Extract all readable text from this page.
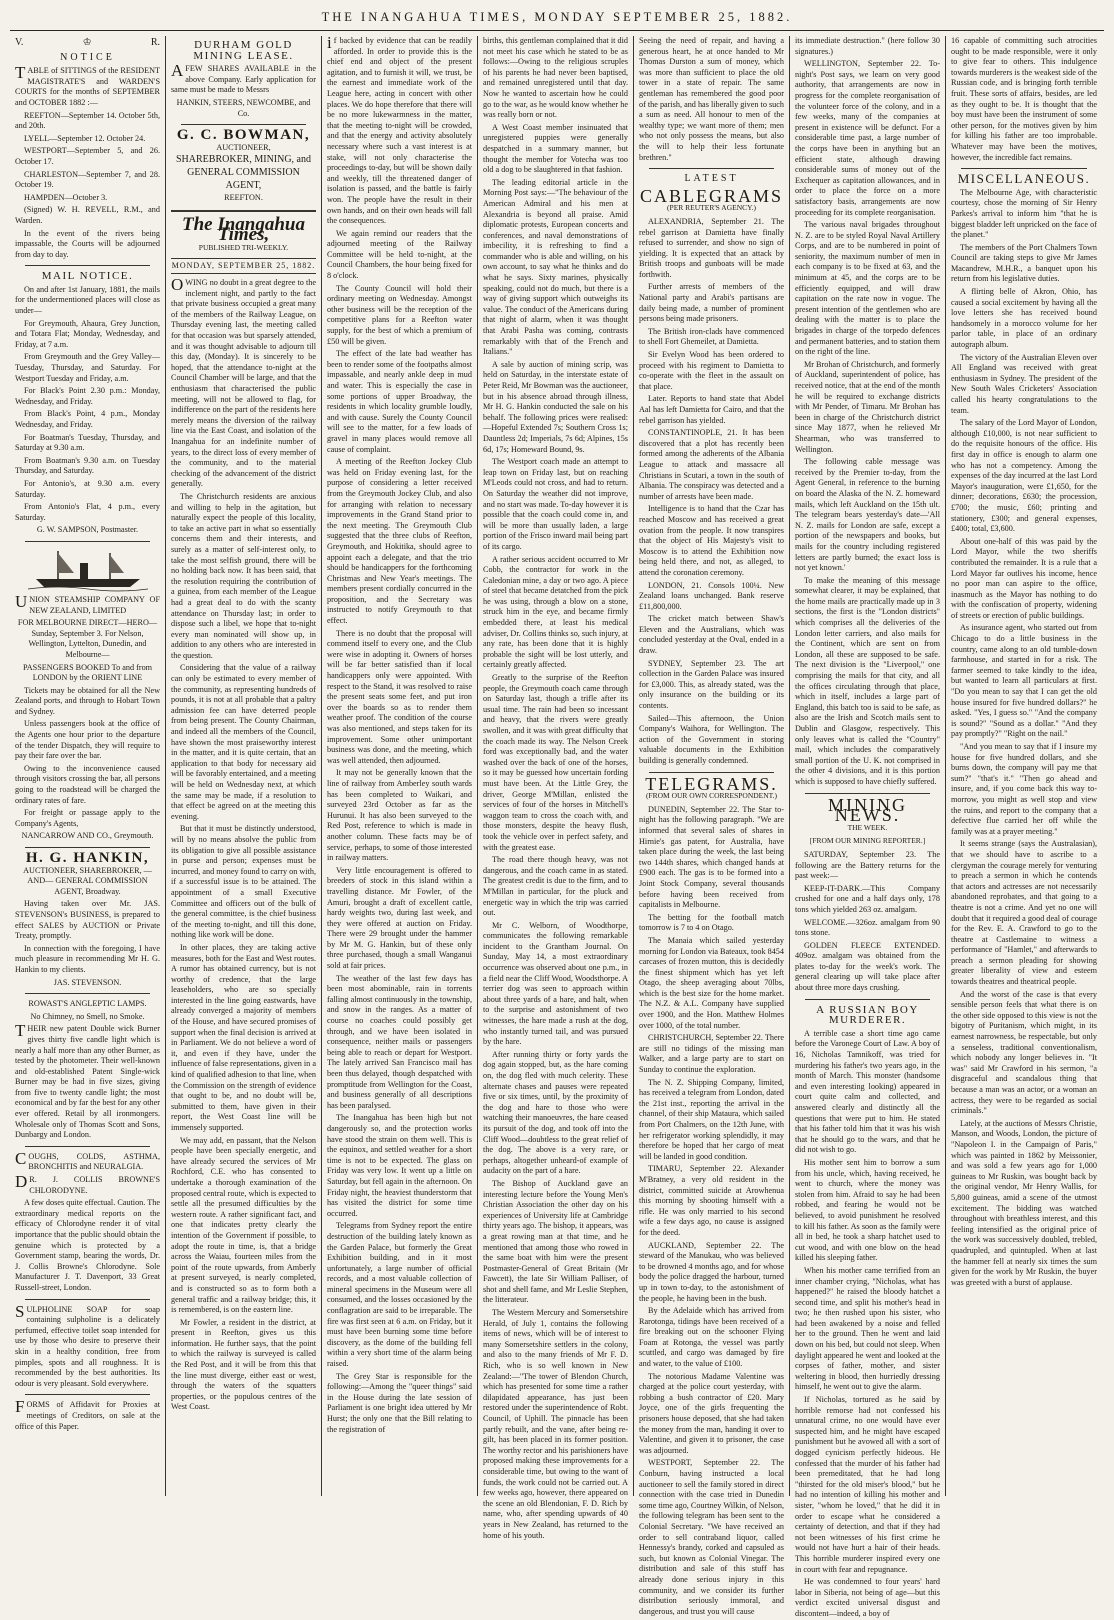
THE INANGAHUA TIMES, MONDAY SEPTEMBER 25, 1882.
V.	♔	R.
NOTICE

TABLE of SITTINGS of the RESIDENT MAGISTRATE'S and WARDEN'S COURTS for the months of SEPTEMBER and OCTOBER 1882 :—

REEFTON—September 14. October 5th, and 20th.

LYELL—September 12. October 24.

WESTPORT—September 5, and 26. October 17.

CHARLESTON—September 7, and 28. October 19.

HAMPDEN—October 3.

(Signed) W. H. REVELL, R.M., and Warden.

In the event of the rivers being impassable, the Courts will be adjourned from day to day.

MAIL NOTICE.

On and after 1st January, 1881, the mails for the undermentioned places will close as under—

For Greymouth, Ahaura, Grey Junction, and Totara Flat; Monday, Wednesday, and Friday, at 7 a.m.

From Greymouth and the Grey Valley—Tuesday, Thursday, and Saturday. For Westport Tuesday and Friday, a.m.

For Black's Point 2.30 p.m.: Monday, Wednesday, and Friday.

From Black's Point, 4 p.m., Monday Wednesday, and Friday.

For Boatman's Tuesday, Thursday, and Saturday at 9.30 a.m.

From Boatman's 9.30 a.m. on Tuesday Thursday, and Saturday.

For Antonio's, at 9.30 a.m. every Saturday.

From Antonio's Flat, 4 p.m., every Saturday.

G. W. SAMPSON, Postmaster.

UNION STEAMSHIP COMPANY OF NEW ZEALAND, LIMITED

FOR MELBOURNE DIRECT—HERO—Sunday, September 3. For Nelson, Wellington, Lyttelton, Dunedin, and Melbourne—

PASSENGERS BOOKED To and from LONDON by the ORIENT LINE

Tickets may be obtained for all the New Zealand ports, and through to Hobart Town and Sydney.

Unless passengers book at the office of the Agents one hour prior to the departure of the tender Dispatch, they will require to pay their fare over the bar.

Owing to the inconvenience caused through visitors crossing the bar, all persons going to the roadstead will be charged the ordinary rates of fare.

For freight or passage apply to the Company's Agents,

NANCARROW AND CO., Greymouth.

H. G. HANKIN,

AUCTIONEER, SHAREBROKER, —AND— GENERAL COMMISSION AGENT, Broadway.

Having taken over Mr. JAS. STEVENSON's BUSINESS, is prepared to effect SALES by AUCTION or Private Treaty, promptly.

In connection with the foregoing, I have much pleasure in recommending Mr H. G. Hankin to my clients.

JAS. STEVENSON.

ROWAST'S ANGLEPTIC LAMPS.

No Chimney, no Smell, no Smoke.

THEIR new patent Double wick Burner gives thirty five candle light which is nearly a half more than any other Burner, as tested by the photometer. Their well-known and old-established Patent Single-wick Burner may be had in five sizes, giving from five to twenty candle light; the most economical and by far the best for any other ever offered. Retail by all ironmongers. Wholesale only of Thomas Scott and Sons, Dunbargy and London.

COUGHS, COLDS, ASTHMA, BRONCHITIS and NEURALGIA.

DR. J. COLLIS BROWNE'S CHLORODYNE.

A few doses quite effectual. Caution. The extraordinary medical reports on the efficacy of Chlorodyne render it of vital importance that the public should obtain the genuine which is protected by a Government stamp, bearing the words, Dr. J. Collis Browne's Chlorodyne. Sole Manufacturer J. T. Davenport, 33 Great Russell-street, London.

SULPHOLINE SOAP for soap containing sulpholine is a delicately perfumed, effective toilet soap intended for use by those who desire to preserve their skin in a healthy condition, free from pimples, spots and all roughness. It is recommended by the best authorities. Its odour is very pleasant. Sold everywhere.

FORMS of Affidavit for Proxies at meetings of Creditors, on sale at the office of this Paper.

DURHAM GOLD MINING LEASE.

AFEW SHARES AVAILABLE in the above Company. Early application for same must be made to Messrs

HANKIN, STEERS, NEWCOMBE, and Co.

G. C. BOWMAN,

AUCTIONEER,

SHAREBROKER, MINING, and

GENERAL COMMISSION

AGENT,

REEFTON.

The Inangahua Times,
PUBLISHED TRI-WEEKLY.
MONDAY, SEPTEMBER 25, 1882.

OWING no doubt in a great degree to the inclement night, and partly to the fact that private business occupied a great many of the members of the Railway League, on Thursday evening last, the meeting called for that occasion was but sparsely attended, and it was thought advisable to adjourn till this day, (Monday). It is sincerely to be hoped, that the attendance to-night at the Council Chamber will be large, and that the enthusiasm that characterised the public meeting, will not be allowed to flag, for indifference on the part of the residents here merely means the diversion of the railway line via the East Coast, and isolation of the Inangahua for an indefinite number of years, to the direct loss of every member of the community, and to the material checking of the advancement of the district generally.

The Christchurch residents are anxious and willing to help in the agitation, but naturally expect the people of this locality, to take an active part in what so essentially concerns them and their interests, and surely as a matter of self-interest only, to take the most selfish ground, there will be no holding back now. It has been said, that the resolution requiring the contribution of a guinea, from each member of the League had a great deal to do with the scanty attendance on Thursday last; in order to dispose such a libel, we hope that to-night every man nominated will show up, in addition to any others who are interested in the question.

Considering that the value of a railway can only be estimated to every member of the community, as representing hundreds of pounds, it is not at all probable that a paltry admission fee can have deterred people from being present. The County Chairman, and indeed all the members of the Council, have shown the most praiseworthy interest in the matter, and it is quite certain, that an application to that body for necessary aid will be favorably entertained, and a meeting will be held on Wednesday next, at which the same may be made, if a resolution to that effect be agreed on at the meeting this evening.

But that it must be distinctly understood, will by no means absolve the public from its obligation to give all possible assistance in purse and person; expenses must be incurred, and money found to carry on with, if a successful issue is to be attained. The appointment of a small Executive Committee and officers out of the bulk of the general committee, is the chief business of the meeting to-night, and till this done, nothing like work will be done.

In other places, they are taking active measures, both for the East and West routes. A rumor has obtained currency, but is not worthy of credence, that the large leaseholders, who are so specially interested in the line going eastwards, have already converged a majority of members of the House, and have secured promises of support when the final decision is arrived at in Parliament. We do not believe a word of it, and even if they have, under the influence of false representations, given in a kind of qualified adhesion to that line, when the Commission on the strength of evidence that ought to be, and no doubt will be, submitted to them, have given in their report, the West Coast line will be immensely supported.

We may add, en passant, that the Nelson people have been specially energetic, and have already secured the services of Mr Rochford, C.E. who has consented to undertake a thorough examination of the proposed central route, which is expected to settle all the presumed difficulties by the western route. A rather significant fact, and one that indicates pretty clearly the intention of the Government if possible, to adopt the route in time, is, that a bridge across the Waiau, fourteen miles from the point of the route upwards, from Amberly at present surveyed, is nearly completed, and is constructed so as to form both a general traffic and a railway bridge; this, it is remembered, is on the eastern line.

Mr Fowler, a resident in the district, at present in Reefton, gives us this information. He further says, that the point to which the railway is surveyed is called the Red Post, and it will be from this that the line must diverge, either east or west, through the waters of the squatters properties, or the populous centres of the West Coast.

if backed by evidence that can be readily afforded. In order to provide this is the chief end and object of the present agitation, and to furnish it will, we trust, be the earnest and immediate work of the League here, acting in concert with other places. We do hope therefore that there will be no more lukewarmness in the matter, that the meeting to-night will be crowded, and that the energy and activity absolutely necessary where such a vast interest is at stake, will not only characterise the proceedings to-day, but will be shown daily and weekly, till the threatened danger of isolation is passed, and the battle is fairly won. The people have the result in their own hands, and on their own heads will fall the consequences.

We again remind our readers that the adjourned meeting of the Railway Committee will be held to-night, at the Council Chambers, the hour being fixed for 8 o'clock.

The County Council will hold their ordinary meeting on Wednesday. Amongst other business will be the reception of the competitive plans for a Reefton water supply, for the best of which a premium of £50 will be given.

The effect of the late bad weather has been to render some of the footpaths almost impassable, and nearly ankle deep in mud and water. This is especially the case in some portions of upper Broadway, the residents in which locality grumble loudly, and with cause. Surely the County Council will see to the matter, for a few loads of gravel in many places would remove all cause of complaint.

A meeting of the Reefton Jockey Club was held on Friday evening last, for the purpose of considering a letter received from the Greymouth Jockey Club, and also for arranging with relation to necessary improvements in the Grand Stand prior to the next meeting. The Greymouth Club suggested that the three clubs of Reefton, Greymouth, and Hokitika, should agree to appoint each a delegate, and that the trio should be handicappers for the forthcoming Christmas and New Year's meetings. The members present cordially concurred in the proposition, and the Secretary was instructed to notify Greymouth to that effect.

There is no doubt that the proposal will commend itself to every one, and the Club were wise in adopting it. Owners of horses will be far better satisfied than if local handicappers only were appointed. With respect to the Stand, it was resolved to raise the present seats some feet, and put iron over the boards so as to render them weather proof. The condition of the course was also mentioned, and steps taken for its improvement. Some other unimportant business was done, and the meeting, which was well attended, then adjourned.

It may not be generally known that the line of railway from Amberley south wards has been completed to Waikari, and surveyed 23rd October as far as the Hurunui. It has also been surveyed to the Red Post, reference to which is made in another column. These facts may be of service, perhaps, to some of those interested in railway matters.

Very little encouragement is offered to breeders of stock in this island within a travelling distance. Mr Fowler, of the Amuri, brought a draft of excellent cattle, hardy weights two, during last week, and they were offered at auction on Friday. There were 29 brought under the hammer by Mr M. G. Hankin, but of these only three purchased, though a small Wanganui sold at fair prices.

The weather of the last few days has been most abominable, rain in torrents falling almost continuously in the township, and snow in the ranges. As a matter of course no coaches could possibly get through, and we have been isolated in consequence, neither mails or passengers being able to reach or depart for Westport. The lately arrived San Francisco mail has been thus delayed, though despatched with promptitude from Wellington for the Coast, and business generally of all descriptions has been paralysed.

The Inangahua has been high but not dangerously so, and the protection works have stood the strain on them well. This is the equinox, and settled weather for a short time is not to be expected. The glass on Friday was very low. It went up a little on Saturday, but fell again in the afternoon. On Friday night, the heaviest thunderstorm that has visited the district for some time occurred.

Telegrams from Sydney report the entire destruction of the building lately known as the Garden Palace, but formerly the Great Exhibition building, and in it most unfortunately, a large number of official records, and a most valuable collection of mineral specimens in the Museum were all consumed, and the losses occasioned by the conflagration are said to be irreparable. The fire was first seen at 6 a.m. on Friday, but it must have been burning some time before discovery, as the dome of the building fell within a very short time of the alarm being raised.

The Grey Star is responsible for the following:—Among the "queer things" said in the House during the late session of Parliament is one bright idea uttered by Mr Hurst; the only one that the Bill relating to the registration of

births, this gentleman complained that it did not meet his case which he stated to be as follows:—Owing to the religious scruples of his parents he had never been baptised, and remained unregistered until that day. Now he wanted to ascertain how he could go to the war, as he would know whether he was really born or not.

A West Coast member insinuated that unregistered puppies were generally despatched in a summary manner, but thought the member for Votecha was too old a dog to be slaughtered in that fashion.

The leading editorial article in the Morning Post says:—"The behaviour of the American Admiral and his men at Alexandria is beyond all praise. Amid diplomatic protests, European concerts and conferences, and naval demonstrations of imbecility, it is refreshing to find a commander who is able and willing, on his own account, to say what he thinks and do what he says. Sixty marines, physically speaking, could not do much, but there is a way of giving support which outweighs its value. The conduct of the Americans during that night of alarm, when it was thought that Arabi Pasha was coming, contrasts remarkably with that of the French and Italians."

A sale by auction of mining scrip, was held on Saturday, in the interstate estate of Peter Reid, Mr Bowman was the auctioneer, but in his absence abroad through illness, Mr H. G. Hankin conducted the sale on his behalf. The following prices were realised:—Hopeful Extended 7s; Southern Cross 1s; Dauntless 2d; Imperials, 7s 6d; Alpines, 15s 6d, 17s; Homeward Bound, 9s.

The Westport coach made an attempt to leap town on Friday last, but on reaching M'Leods could not cross, and had to return. On Saturday the weather did not improve, and no start was made. To-day however it is possible that the coach could come in, and will be more than usually laden, a large portion of the Frisco inward mail being part of its cargo.

A rather serious accident occurred to Mr Cobb, the contractor for work in the Caledonian mine, a day or two ago. A piece of steel that became detatched from the pick he was using, through a blow on a stone, struck him in the eye, and became firmly embedded there, at least his medical adviser, Dr. Collins thinks so, such injury, at any rate, has been done that it is highly probable the sight will be lost utterly, and certainly greatly affected.

Greatly to the surprise of the Reefton people, the Greymouth coach came through on Saturday last, though a trifle after its usual time. The rain had been so incessant and heavy, that the rivers were greatly swollen, and it was with great difficulty that the coach made its way. The Nelson Creek ford was exceptionally bad, and the water washed over the back of one of the horses, so it may be guessed how uncertain fording must have been. At the Little Grey, the driver, George M'Millan, enlisted the services of four of the horses in Mitchell's waggon team to cross the coach with, and those monsters, despite the heavy flush, took the vehicle over in perfect safety, and with the greatest ease.

The road there though heavy, was not dangerous, and the coach came in as stated. The greatest credit is due to the firm, and to M'Millan in particular, for the pluck and energetic way in which the trip was carried out.

Mr C. Welborn, of Woodthorpe, communicates the following remarkable incident to the Grantham Journal. On Sunday, May 14, a most extraordinary occurrence was observed about one p.m., in a field near the Cliff Wood, Woodsthorpe. A terrier dog was seen to approach within about three yards of a hare, and halt, when to the surprise and astonishment of two witnesses, the hare made a rush at the dog, who instantly turned tail, and was pursued by the hare.

After running thirty or forty yards the dog again stopped, but, as the hare coming on, the dog fled with much celerity. These alternate chases and pauses were repeated five or six times, until, by the proximity of the dog and hare to those who were watching their manoeuvres, the hare ceased its pursuit of the dog, and took off into the Cliff Wood—doubtless to the great relief of the dog. The above is a very rare, or perhaps, altogether unheard-of example of audacity on the part of a hare.

The Bishop of Auckland gave an interesting lecture before the Young Men's Christian Association the other day on his experiences of University life at Cambridge thirty years ago. The bishop, it appears, was a great rowing man at that time, and he mentioned that among those who rowed in the same boat with him were the present Postmaster-General of Great Britain (Mr Fawcett), the late Sir William Palliser, of shot and shell fame, and Mr Leslie Stephen, the litterateur.

The Western Mercury and Somersetshire Herald, of July 1, contains the following items of news, which will be of interest to many Somersetshire settlers in the colony, and also to the many friends of Mr F. D. Rich, who is so well known in New Zealand:—"The tower of Blendon Church, which has presented for some time a rather dilapidated appearance, has just been restored under the superintendence of Robt. Council, of Uphill. The pinnacle has been partly rebuilt, and the vane, after being re-gilt, has been placed in its former position. The worthy rector and his parishioners have proposed making these improvements for a considerable time, but owing to the want of funds, the work could not be carried out. A few weeks ago, however, there appeared on the scene an old Blendonian, F. D. Rich by name, who, after spending upwards of 40 years in New Zealand, has returned to the home of his youth.

Seeing the need of repair, and having a generous heart, he at once handed to Mr Thomas Durston a sum of money, which was more than sufficient to place the old tower in a state of repair. The same gentleman has remembered the good poor of the parish, and has liberally given to such a sum as need. All honour to men of the wealthy type; we want more of them; men who not only possess the means, but also the will to help their less fortunate brethren."

LATEST
CABLEGRAMS
(PER REUTER'S AGENCY.)

ALEXANDRIA, September 21. The rebel garrison at Damietta have finally refused to surrender, and show no sign of yielding. It is expected that an attack by British troops and gunboats will be made forthwith.

Further arrests of members of the National party and Arabi's partisans are daily being made, a number of prominent persons being made prisoners.

The British iron-clads have commenced to shell Fort Ghemeilet, at Damietta.

Sir Evelyn Wood has been ordered to proceed with his regiment to Damietta to co-operate with the fleet in the assault on that place.

Later. Reports to hand state that Abdel Aal has left Damietta for Cairo, and that the rebel garrison has yielded.

CONSTANTINOPLE, 21. It has been discovered that a plot has recently been formed among the adherents of the Albania League to attack and massacre all Christians in Scutari, a town in the south of Albania. The conspiracy was detected and a number of arrests have been made.

Intelligence is to hand that the Czar has reached Moscow and has received a great ovation from the people. It now transpires that the object of His Majesty's visit to Moscow is to attend the Exhibition now being held there, and not, as alleged, to attend the coronation ceremony.

LONDON, 21. Consols 100¼. New Zealand loans unchanged. Bank reserve £11,800,000.

The cricket match between Shaw's Eleven and the Australians, which was concluded yesterday at the Oval, ended in a draw.

SYDNEY, September 23. The art collection in the Garden Palace was insured for £3,000. This, as already stated, was the only insurance on the building or its contents.

Sailed—This afternoon, the Union Company's Waihora, for Wellington. The action of the Government in storing valuable documents in the Exhibition building is generally condemned.

TELEGRAMS.
(FROM OUR OWN CORRESPONDENT.)

DUNEDIN, September 22. The Star to-night has the following paragraph. "We are informed that several sales of shares in Hirnie's gas patent, for Australia, have taken place during the week, the last being two 144th shares, which changed hands at £900 each. The gas is to be formed into a Joint Stock Company, several thousands before having been received from capitalists in Melbourne.

The betting for the football match tomorrow is 7 to 4 on Otago.

The Manaia which sailed yesterday morning for London via Bateaux, took 8454 carcases of frozen mutton, this is decidedly the finest shipment which has yet left Otago, the sheep averaging about 70lbs, which is the best size for the home market. The N.Z. & A.L. Company have supplied over 1900, and the Hon. Matthew Holmes over 1000, of the total number.

CHRISTCHURCH, September 22. There are still no tidings of the missing man Walker, and a large party are to start on Sunday to continue the exploration.

The N. Z. Shipping Company, limited, has received a telegram from London, dated the 21st inst., reporting the arrival in the channel, of their ship Mataura, which sailed from Port Chalmers, on the 12th June, with her refrigerator working splendidly, it may therefore be hoped that her cargo of meat will be landed in good condition.

TIMARU, September 22. Alexander M'Bratney, a very old resident in the district, committed suicide at Arowhenua this morning by shooting himself with a rifle. He was only married to his second wife a few days ago, no cause is assigned for the deed.

AUCKLAND, September 22. The steward of the Manukau, who was believed to be drowned 4 months ago, and for whose body the police dragged the harbour, turned up in town to-day, to the astonishment of the people, he having been in the bush.

By the Adelaide which has arrived from Rarotonga, tidings have been received of a fire breaking out on the schooner Flying Foam at Rotonga, the vessel was partly scuttled, and cargo was damaged by fire and water, to the value of £100.

The notorious Madame Valentine was charged at the police court yesterday, with robbing a bush contractor of £20. Mary Joyce, one of the girls frequenting the prisoners house deposed, that she had taken the money from the man, handing it over to Valentine, and given it to prisoner, the case was adjourned.

WESTPORT, September 22. The Conburn, having instructed a local auctioneer to sell the family stored in direct connection with the case tried in Dunedin some time ago, Courtney Wilkin, of Nelson, the following telegram has been sent to the Colonial Secretary. "We have received an order to sell contraband liquor, called Hennessy's brandy, corked and capsuled as such, but known as Colonial Vinegar. The distribution and sale of this stuff has already done serious injury in this community, and we consider its further distribution seriously immoral, and dangerous, and trust you will cause

its immediate destruction." (here follow 30 signatures.)

WELLINGTON, September 22. To-night's Post says, we learn on very good authority, that arrangements are now in progress for the complete reorganisation of the volunteer force of the colony, and in a few weeks, many of the companies at present in existence will be defunct. For a considerable time past, a large number of the corps have been in anything but an efficient state, although drawing considerable sums of money out of the Exchequer as capitation allowances, and in order to place the force on a more satisfactory basis, arrangements are now proceeding for its complete reorganisation.

The various naval brigades throughout N. Z. are to be styled Royal Naval Artillery Corps, and are to be numbered in point of seniority, the maximum number of men in each company is to be fixed at 63, and the minimum at 45, and the corps are to be efficiently equipped, and will draw capitation on the rate now in vogue. The present intention of the gentlemen who are dealing with the matter is to place the brigades in charge of the torpedo defences and permanent batteries, and to station them on the right of the line.

Mr Brohan of Christchurch, and formerly of Auckland, superintendent of police, has received notice, that at the end of the month he will be required to exchange districts with Mr Pender, of Timaru. Mr Brohan has been in charge of the Christchurch district since May 1877, when he relieved Mr Shearman, who was transferred to Wellington.

The following cable message was received by the Premier to-day, from the Agent General, in reference to the burning on board the Alaska of the N. Z. homeward mails, which left Auckland on the 15th ult. The telegram bears yesterday's date—'All N. Z. mails for London are safe, except a portion of the newspapers and books, but mails for the country including registered letters are partly burned; the exact loss is not yet known.'

To make the meaning of this message somewhat clearer, it may be explained, that the home mails are practically made up in 3 sections, the first is the "London districts" which comprises all the deliveries of the London letter carriers, and also mails for the Continent, which are sent on from London, all these are supposed to be safe. The next division is the "Liverpool," one comprising the mails for that city, and all the offices circulating through that place, which in itself, includes a large part of England, this batch too is said to be safe, as also are the Irish and Scotch mails sent to Dublin and Glasgow, respectively. This only leaves what is called the "Country" mail, which includes the comparatively small portion of the U. K. not comprised in the other 4 divisions, and it is this portion which is supposed to have chiefly suffered.

MINING NEWS.
THE WEEK.
[FROM OUR MINING REPORTER.]

SATURDAY, September 23. The following are the Battery returns for the past week:—

KEEP-IT-DARK.—This Company crushed for one and a half days only, 178 tons which yielded 263 oz. amalgam.

WELCOME.—326oz. amalgam from 90 tons stone.

GOLDEN FLEECE EXTENDED. 409oz. amalgam was obtained from the plates to-day for the week's work. The general clearing up will take place after about three more days crushing.

A RUSSIAN BOY MURDERER.

A terrible case a short time ago came before the Varonege Court of Law. A boy of 16, Nicholas Tamnikoff, was tried for murdering his father's two years ago, in the month of March. This monster (handsome and even interesting looking) appeared in court quite calm and collected, and answered clearly and distinctly all the questions that were put to him. He stated that his father told him that it was his wish that he should go to the wars, and that he did not wish to go.

His mother sent him to borrow a sum from his uncle, which, having received, he went to church, where the money was stolen from him. Afraid to say he had been robbed, and fearing he would not be believed, to avoid punishment he resolved to kill his father. As soon as the family were all in bed, he took a sharp hatchet used to cut wood, and with one blow on the head killed his sleeping father.

When his mother came terrified from an inner chamber crying, "Nicholas, what has happened?" he raised the bloody hatchet a second time, and split his mother's head in two; he then rushed upon his sister, who had been awakened by a noise and felled her to the ground. Then he went and laid down on his bed, but could not sleep. When daylight appeared he went and looked at the corpses of father, mother, and sister weltering in blood, then hurriedly dressing himself, he went out to give the alarm.

If Nicholas, tortured as he said by horrible remorse had not confessed his unnatural crime, no one would have ever suspected him, and he might have escaped punishment but he avowed all with a sort of dogged cynicism perfectly hideous. He confessed that the murder of his father had been premeditated, that he had long "thirsted for the old miser's blood," but he had no intention of killing his mother and sister, "whom he loved," that he did it in order to escape what he considered a certainty of detection, and that if they had not been witnesses of his first crime he would not have hurt a hair of their heads. This horrible murderer inspired every one in court with fear and repugnance.

He was condemned to four years' hard labor in Siberia, not being of age—but this verdict excited universal disgust and discontent—indeed, a boy of

16 capable of committing such atrocities ought to be made responsible, were it only to give fear to others. This indulgence towards murderers is the weakest side of the Russian code, and is bringing forth terrible fruit. These sorts of affairs, besides, are led as they ought to be. It is thought that the boy must have been the instrument of some other person, for the motives given by him for killing his father are too improbable. Whatever may have been the motives, however, the incredible fact remains.

MISCELLANEOUS.

The Melbourne Age, with characteristic courtesy, chose the morning of Sir Henry Parkes's arrival to inform him "that he is biggest bladder left unpricked on the face of the planet."

The members of the Port Chalmers Town Council are taking steps to give Mr James Macandrew, M.H.R., a banquet upon his return from his legislative duties.

A flirting belle of Akron, Ohio, has caused a social excitement by having all the love letters she has received bound handsomely in a morocco volume for her parlor table, in place of an ordinary autograph album.

The victory of the Australian Eleven over All England was received with great enthusiasm in Sydney. The president of the New South Wales Cricketers' Association called his hearty congratulations to the team.

The salary of the Lord Mayor of London, although £10,000, is not near sufficient to do the requisite honours of the office. His first day in office is enough to alarm one who has not a competency. Among the expenses of the day incurred at the last Lord Mayor's inauguration, were £1,650, for the dinner; decorations, £630; the procession, £700; the music, £60; printing and stationery, £300; and general expenses, £400; total, £3,600.

About one-half of this was paid by the Lord Mayor, while the two sheriffs contributed the remainder. It is a rule that a Lord Mayor far outlives his income, hence no poor man can aspire to the office, inasmuch as the Mayor has nothing to do with the confiscation of property, widening of streets or erection of public buildings.

As insurance agent, who started out from Chicago to do a little business in the country, came along to an old tumble-down farmhouse, and started in for a risk. The farmer seemed to take kindly to the idea, but wanted to learn all particulars at first. "Do you mean to say that I can get the old house insured for five hundred dollars?" he asked. "Yes, I guess so." "And the company is sound?" "Sound as a dollar." "And they pay promptly?" "Right on the nail."

"And you mean to say that if I insure my house for five hundred dollars, and she burns down, the company will pay me that sum?" "that's it." "Then go ahead and insure, and, if you come back this way to-morrow, you might as well stop and view the ruins, and report to the company that a defective flue carried her off while the family was at a prayer meeting."

It seems strange (says the Australasian), that we should have to ascribe to a clergyman the courage merely for venturing to preach a sermon in which he contends that actors and actresses are not necessarily abandoned reprobates, and that going to a theatre is not a crime. And yet no one will doubt that it required a good deal of courage for the Rev. E. A. Crawford to go to the theatre at Castlemaine to witness a performance of "Hamlet," and afterwards to preach a sermon pleading for showing greater liberality of view and esteem towards theatres and theatrical people.

And the worst of the case is that every sensible person feels that what there is on the other side opposed to this view is not the bigotry of Puritanism, which might, in its earnest narrowness, be respectable, but only a senseless, traditional conventionalism, which nobody any longer believes in. "It was" said Mr Crawford in his sermon, "a disgraceful and scandalous thing that because a man was an actor, or a woman an actress, they were to be regarded as social criminals."

Lately, at the auctions of Messrs Christie, Manson, and Woods, London, the picture of "Napoleon I. in the Campaign of Paris," which was painted in 1862 by Meissonier, and was sold a few years ago for 1,000 guineas to Mr Ruskin, was bought back by the original vendor, Mr Henry Wallis, for 5,800 guineas, amid a scene of the utmost excitement. The bidding was watched throughout with breathless interest, and this feeling intensified as the original price of the work was successively doubled, trebled, quadrupled, and quintupled. When at last the hammer fell at nearly six times the sum given for the work by Mr Ruskin, the buyer was greeted with a burst of applause.
